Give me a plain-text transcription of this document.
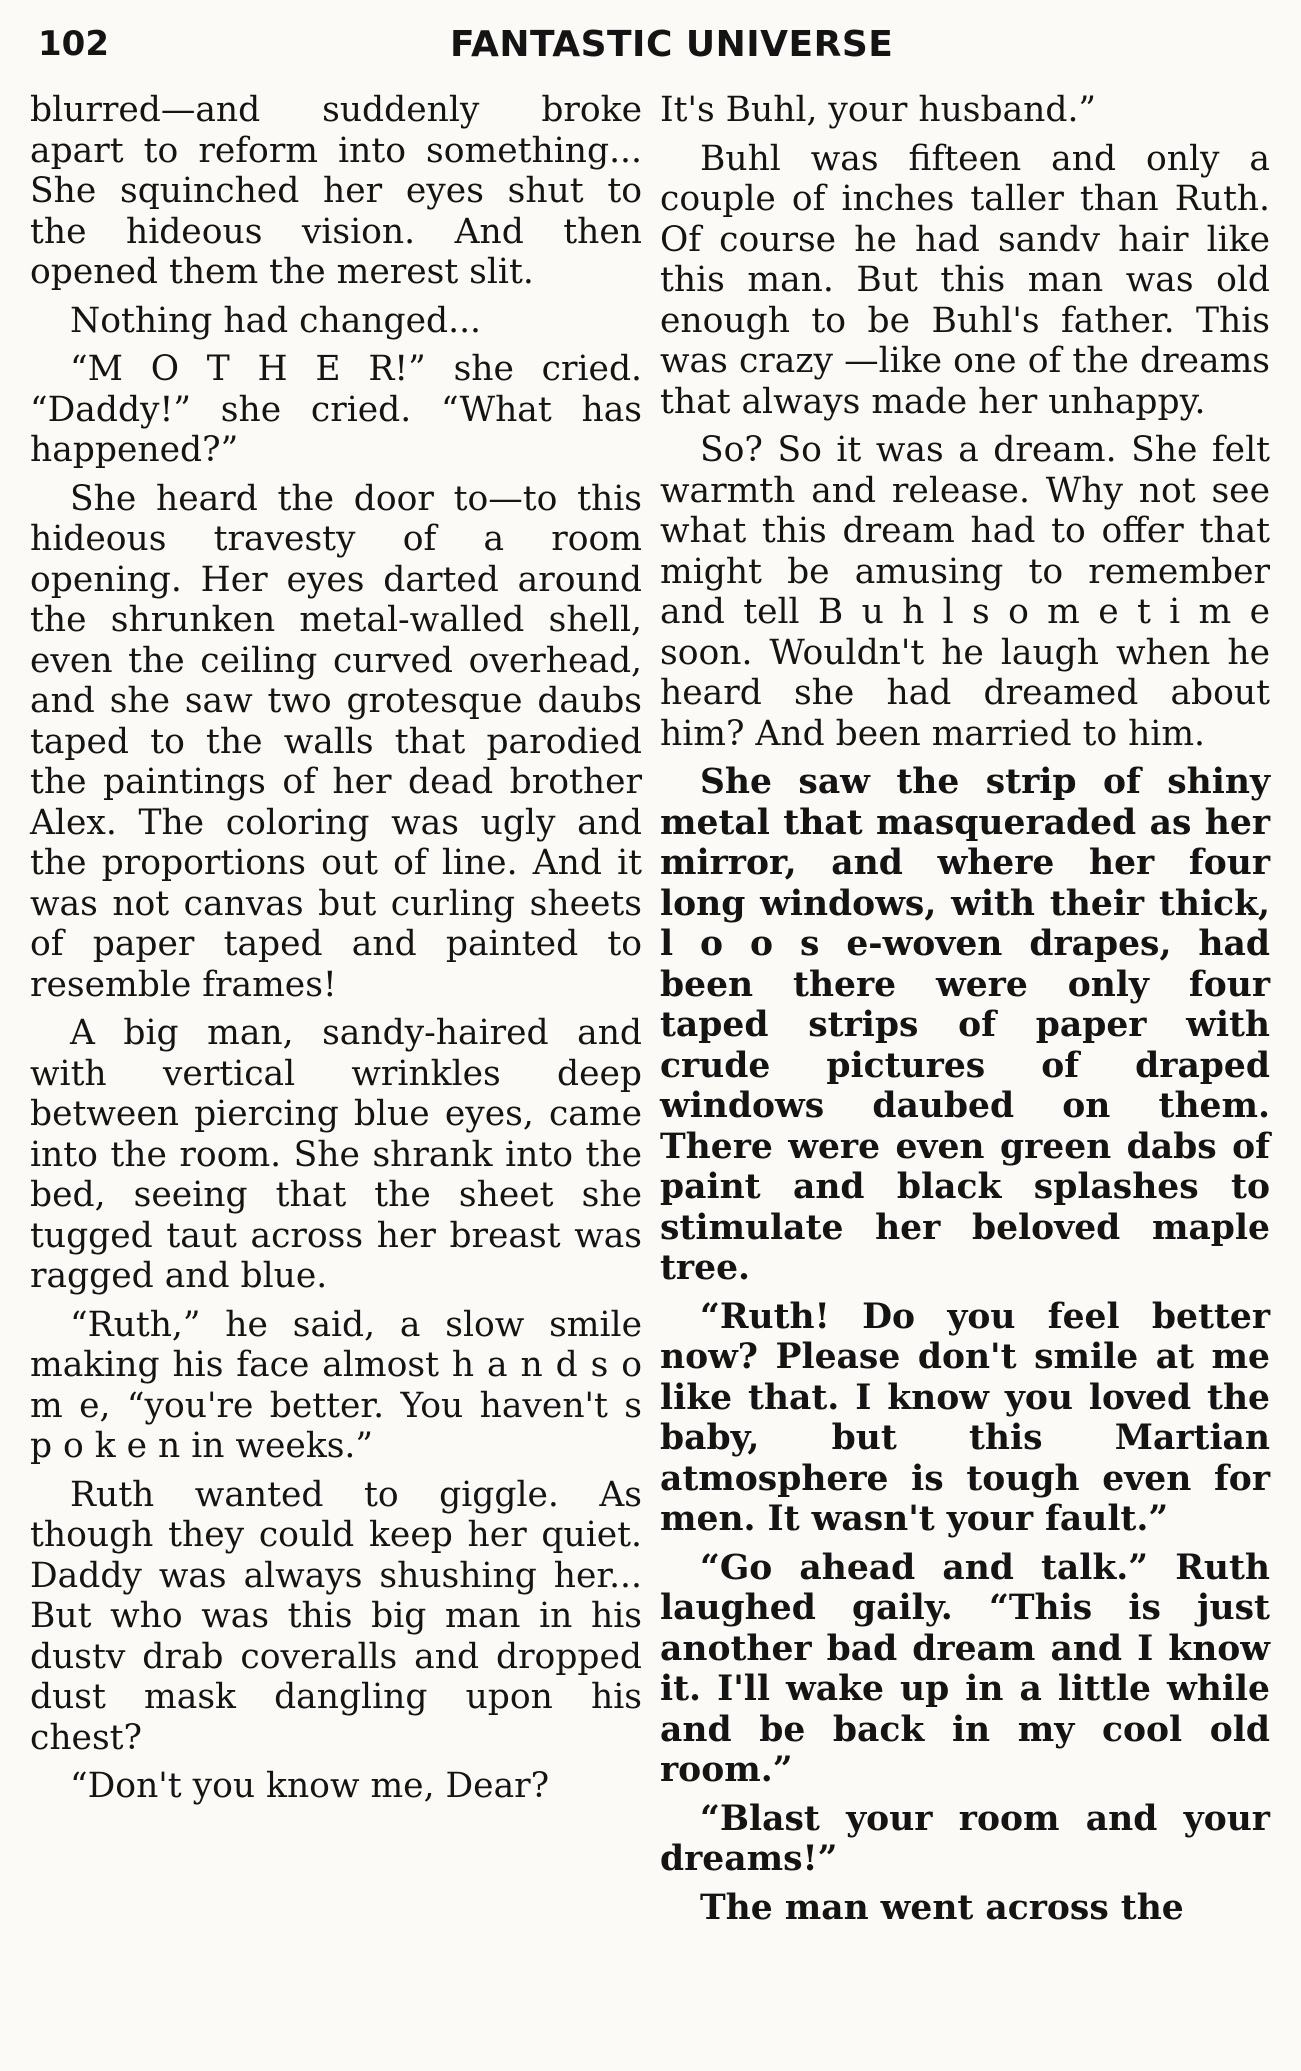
102	FANTASTIC UNIVERSE

blurred—and suddenly broke apart to reform into something... She squinched her eyes shut to the hideous vision. And then opened them the merest slit.

Nothing had changed...

“M O T H E R!” she cried. “Daddy!” she cried. “What has happened?”

She heard the door to—to this hideous travesty of a room opening. Her eyes darted around the shrunken metal-walled shell, even the ceiling curved overhead, and she saw two grotesque daubs taped to the walls that parodied the paintings of her dead brother Alex. The coloring was ugly and the proportions out of line. And it was not canvas but curling sheets of paper taped and painted to resemble frames!

A big man, sandy-haired and with vertical wrinkles deep between piercing blue eyes, came into the room. She shrank into the bed, seeing that the sheet she tugged taut across her breast was ragged and blue.

“Ruth,” he said, a slow smile making his face almost h a n d s o m e, “you're better. You haven't s p o k e n in weeks.”

Ruth wanted to giggle. As though they could keep her quiet. Daddy was always shushing her... But who was this big man in his dustv drab coveralls and dropped dust mask dangling upon his chest?

“Don't you know me, Dear?

It's Buhl, your husband.”

Buhl was fifteen and only a couple of inches taller than Ruth. Of course he had sandv hair like this man. But this man was old enough to be Buhl's father. This was crazy —like one of the dreams that always made her unhappy.

So? So it was a dream. She felt warmth and release. Why not see what this dream had to offer that might be amusing to remember and tell B u h l s o m e t i m e soon. Wouldn't he laugh when he heard she had dreamed about him? And been married to him.

She saw the strip of shiny metal that masqueraded as her mirror, and where her four long windows, with their thick, l o o s e-woven drapes, had been there were only four taped strips of paper with crude pictures of draped windows daubed on them. There were even green dabs of paint and black splashes to stimulate her beloved maple tree.

“Ruth! Do you feel better now? Please don't smile at me like that. I know you loved the baby, but this Martian atmosphere is tough even for men. It wasn't your fault.”

“Go ahead and talk.” Ruth laughed gaily. “This is just another bad dream and I know it. I'll wake up in a little while and be back in my cool old room.”

“Blast your room and your dreams!”

The man went across the
